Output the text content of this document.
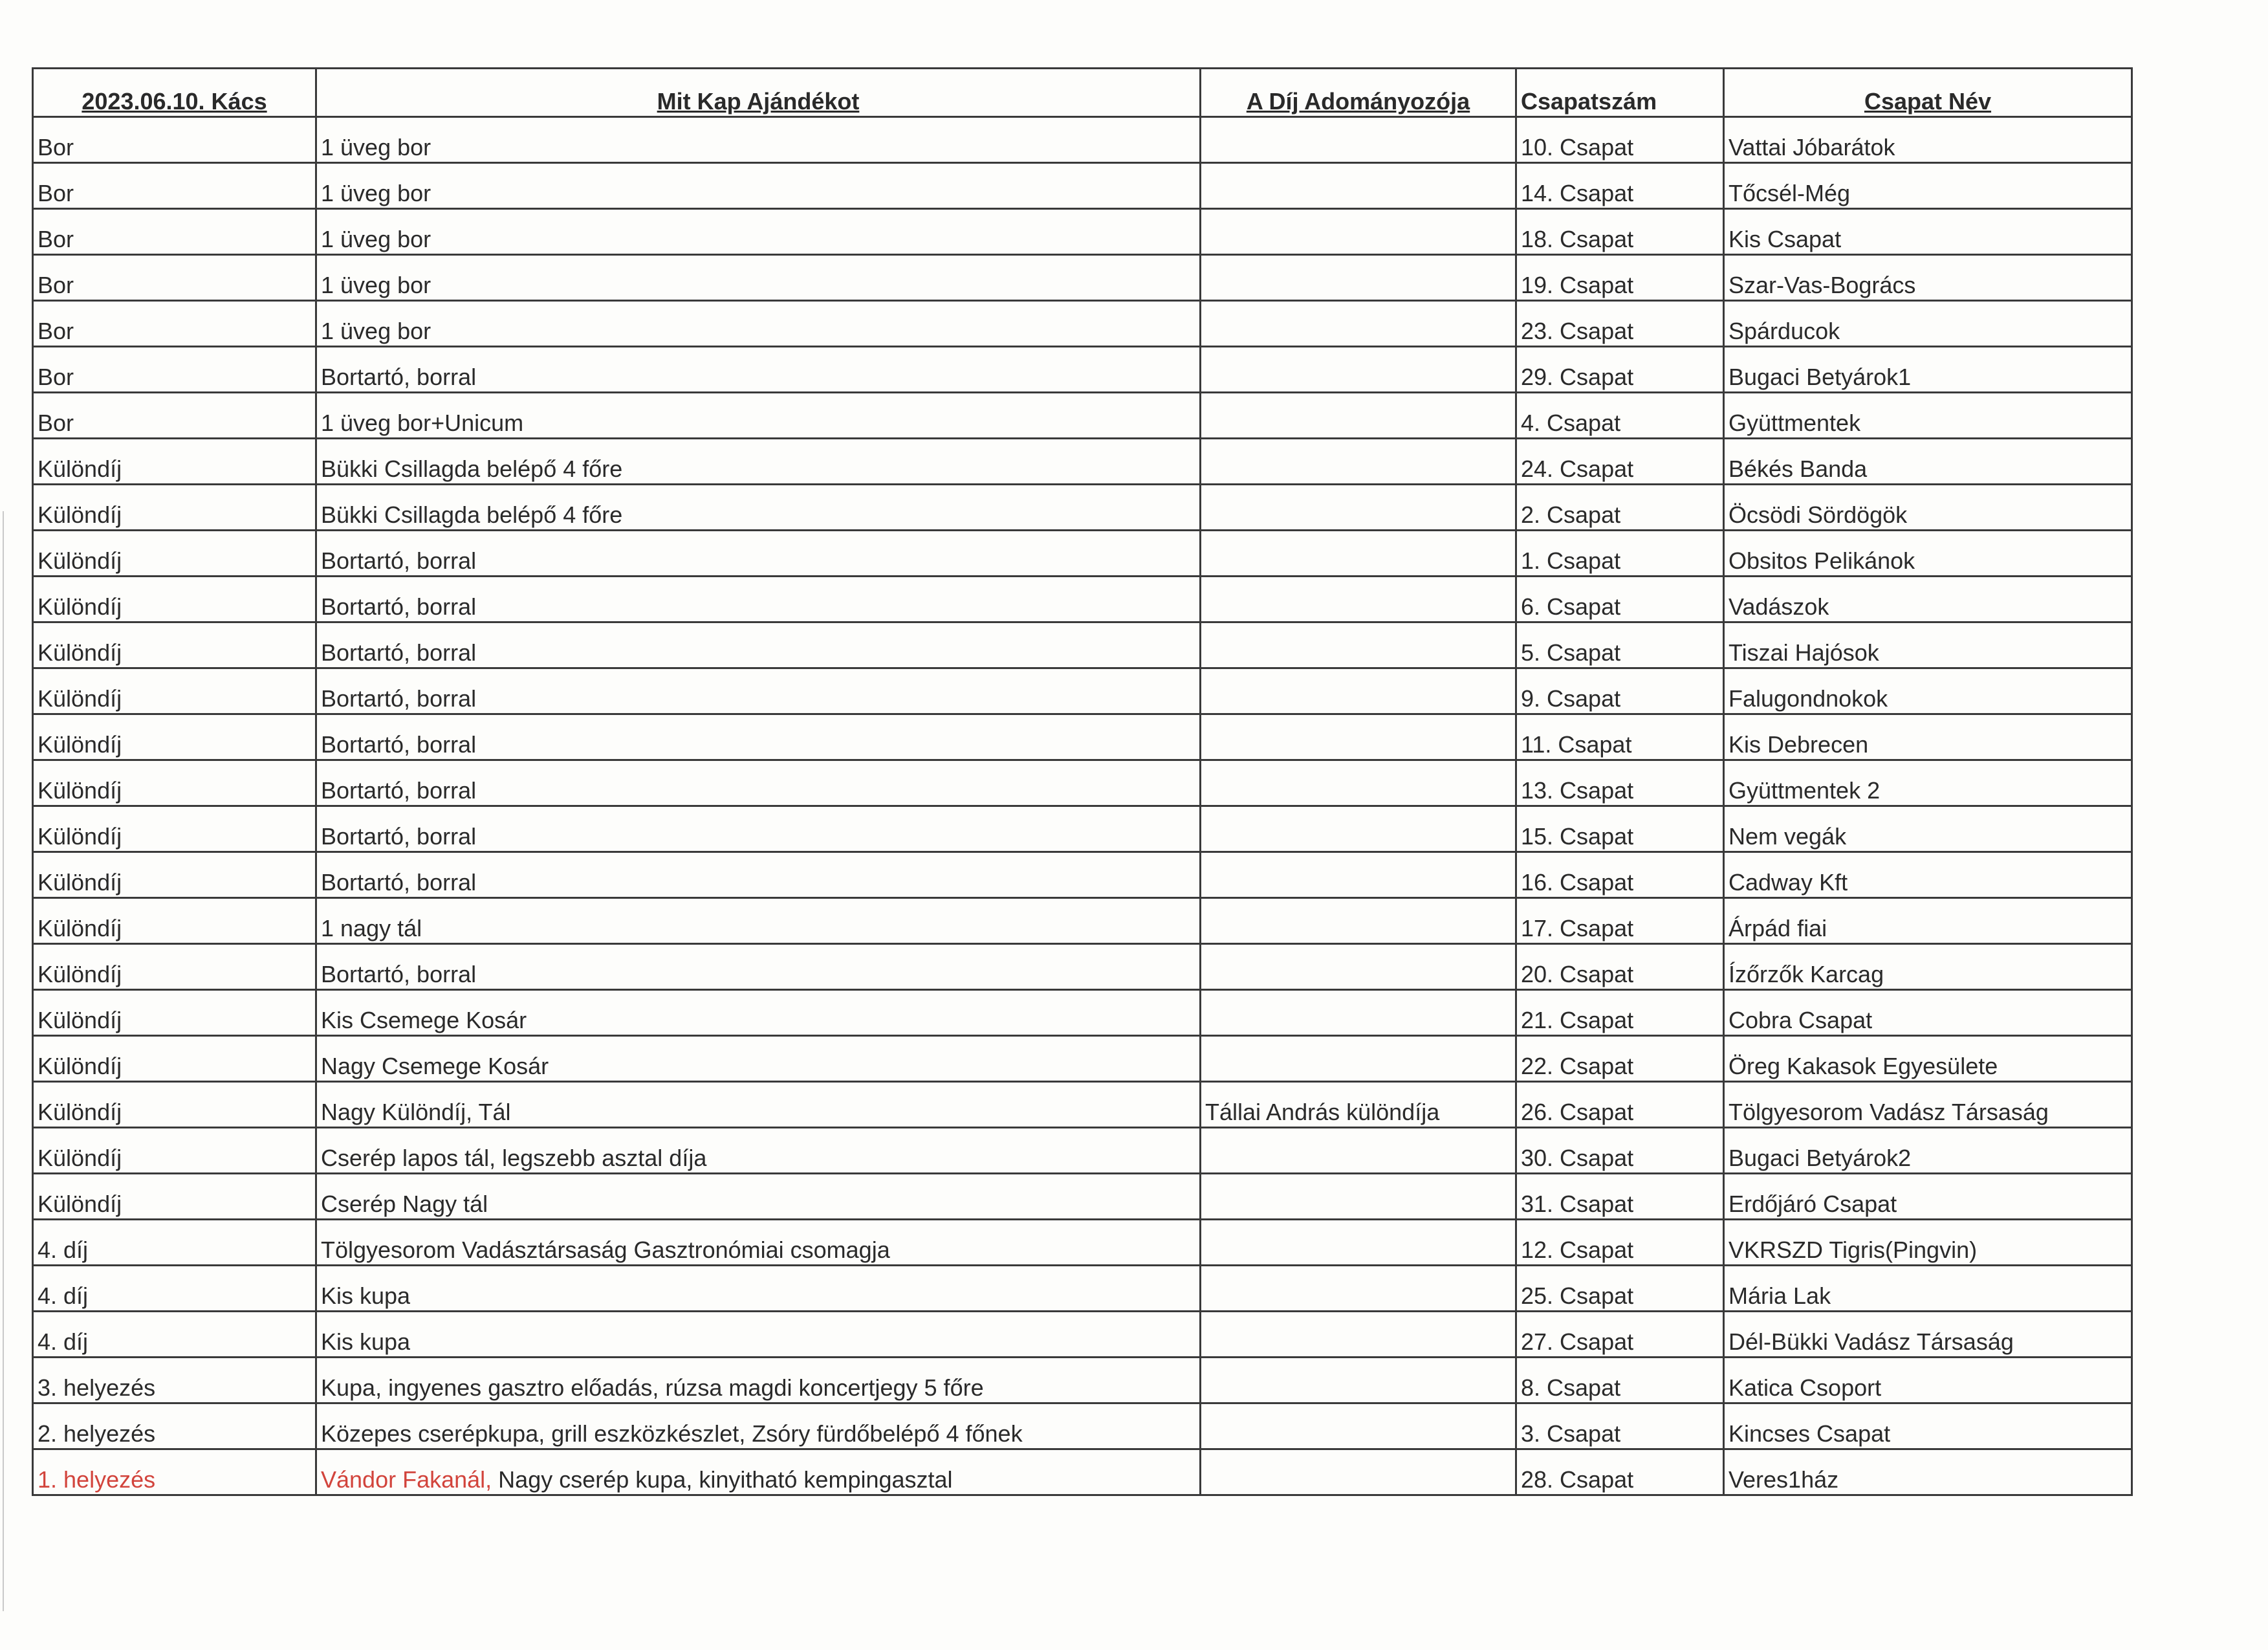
2023.06.10. Kács	Mit Kap Ajándékot	A Díj Adományozója	Csapatszám	Csapat Név
Bor	1 üveg bor		10. Csapat	Vattai Jóbarátok
Bor	1 üveg bor		14. Csapat	Tőcsél-Még
Bor	1 üveg bor		18. Csapat	Kis Csapat
Bor	1 üveg bor		19. Csapat	Szar-Vas-Bogrács
Bor	1 üveg bor		23. Csapat	Spárducok
Bor	Bortartó, borral		29. Csapat	Bugaci Betyárok1
Bor	1 üveg bor+Unicum		4. Csapat	Gyüttmentek
Különdíj	Bükki Csillagda belépő 4 főre		24. Csapat	Békés Banda
Különdíj	Bükki Csillagda belépő 4 főre		2. Csapat	Öcsödi Sördögök
Különdíj	Bortartó, borral		1. Csapat	Obsitos Pelikánok
Különdíj	Bortartó, borral		6. Csapat	Vadászok
Különdíj	Bortartó, borral		5. Csapat	Tiszai Hajósok
Különdíj	Bortartó, borral		9. Csapat	Falugondnokok
Különdíj	Bortartó, borral		11. Csapat	Kis Debrecen
Különdíj	Bortartó, borral		13. Csapat	Gyüttmentek 2
Különdíj	Bortartó, borral		15. Csapat	Nem vegák
Különdíj	Bortartó, borral		16. Csapat	Cadway Kft
Különdíj	1 nagy tál		17. Csapat	Árpád fiai
Különdíj	Bortartó, borral		20. Csapat	Ízőrzők Karcag
Különdíj	Kis Csemege Kosár		21. Csapat	Cobra Csapat
Különdíj	Nagy Csemege Kosár		22. Csapat	Öreg Kakasok Egyesülete
Különdíj	Nagy Különdíj, Tál	Tállai András különdíja	26. Csapat	Tölgyesorom Vadász Társaság
Különdíj	Cserép lapos tál, legszebb asztal díja		30. Csapat	Bugaci Betyárok2
Különdíj	Cserép Nagy tál		31. Csapat	Erdőjáró Csapat
4. díj	Tölgyesorom Vadásztársaság Gasztronómiai csomagja		12. Csapat	VKRSZD Tigris(Pingvin)
4. díj	Kis kupa		25. Csapat	Mária Lak
4. díj	Kis kupa		27. Csapat	Dél-Bükki Vadász Társaság
3. helyezés	Kupa, ingyenes gasztro előadás, rúzsa magdi koncertjegy 5 főre		8. Csapat	Katica Csoport
2. helyezés	Közepes cserépkupa, grill eszközkészlet, Zsóry fürdőbelépő 4 főnek		3. Csapat	Kincses Csapat
1. helyezés	Vándor Fakanál, Nagy cserép kupa, kinyitható kempingasztal		28. Csapat	Veres1ház
